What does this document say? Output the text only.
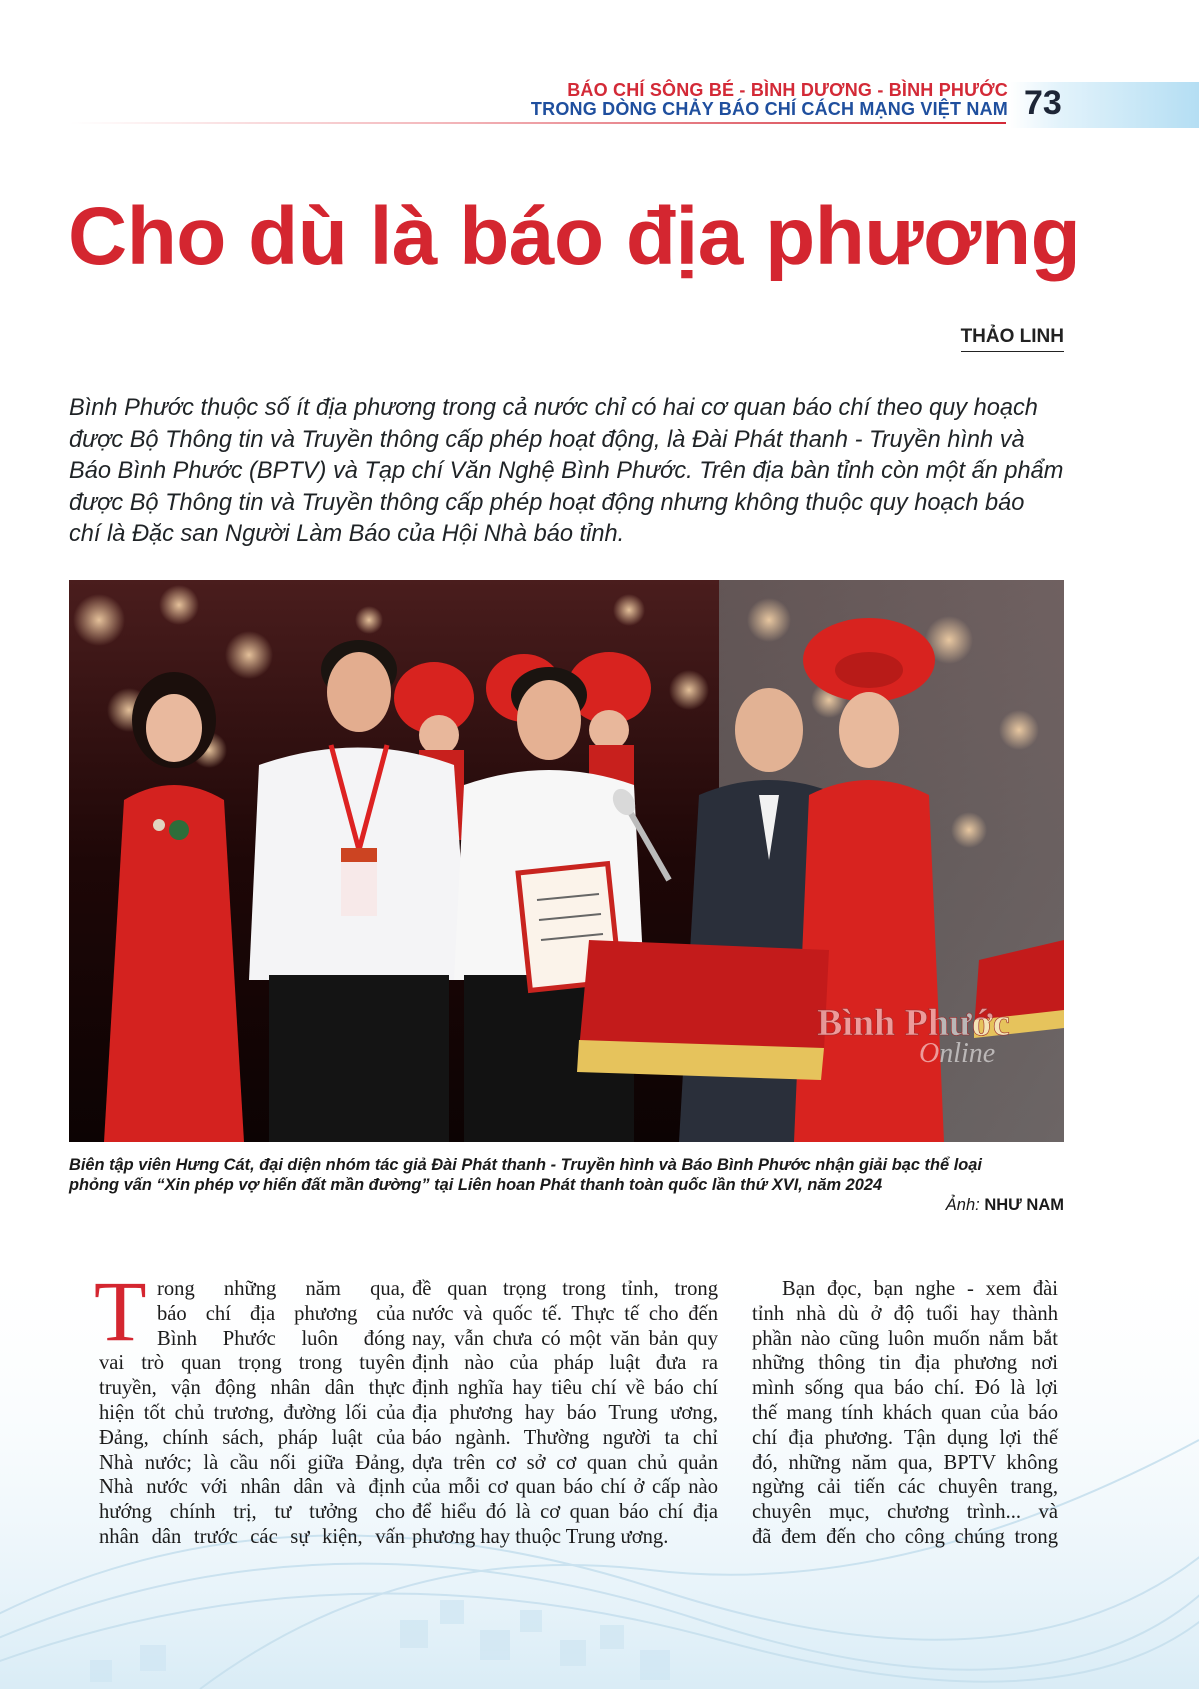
BÁO CHÍ SÔNG BÉ - BÌNH DƯƠNG - BÌNH PHƯỚC
TRONG DÒNG CHẢY BÁO CHÍ CÁCH MẠNG VIỆT NAM 73
Cho dù là báo địa phương
THẢO LINH
Bình Phước thuộc số ít địa phương trong cả nước chỉ có hai cơ quan báo chí theo quy hoạch
được Bộ Thông tin và Truyền thông cấp phép hoạt động, là Đài Phát thanh - Truyền hình và
Báo Bình Phước (BPTV) và Tạp chí Văn Nghệ Bình Phước. Trên địa bàn tỉnh còn một ấn phẩm
được Bộ Thông tin và Truyền thông cấp phép hoạt động nhưng không thuộc quy hoạch báo
chí là Đặc san Người Làm Báo của Hội Nhà báo tỉnh.
Bình Phước
Online
Biên tập viên Hưng Cát, đại diện nhóm tác giả Đài Phát thanh - Truyền hình và Báo Bình Phước nhận giải bạc thể loại
phỏng vấn “Xin phép vợ hiến đất mần đường” tại Liên hoan Phát thanh toàn quốc lần thứ XVI, năm 2024
Ảnh: NHƯ NAM
T rong những năm qua,
báo chí địa phương của
Bình Phước luôn đóng
vai trò quan trọng trong tuyên
truyền, vận động nhân dân thực
hiện tốt chủ trương, đường lối của
Đảng, chính sách, pháp luật của
Nhà nước; là cầu nối giữa Đảng,
Nhà nước với nhân dân và định
hướng chính trị, tư tưởng cho
nhân dân trước các sự kiện, vấn
đề quan trọng trong tỉnh, trong
nước và quốc tế. Thực tế cho đến
nay, vẫn chưa có một văn bản quy
định nào của pháp luật đưa ra
định nghĩa hay tiêu chí về báo chí
địa phương hay báo Trung ương,
báo ngành. Thường người ta chỉ
dựa trên cơ sở cơ quan chủ quản
của mỗi cơ quan báo chí ở cấp nào
để hiểu đó là cơ quan báo chí địa
phương hay thuộc Trung ương.
Bạn đọc, bạn nghe - xem đài
tỉnh nhà dù ở độ tuổi hay thành
phần nào cũng luôn muốn nắm bắt
những thông tin địa phương nơi
mình sống qua báo chí. Đó là lợi
thế mang tính khách quan của báo
chí địa phương. Tận dụng lợi thế
đó, những năm qua, BPTV không
ngừng cải tiến các chuyên trang,
chuyên mục, chương trình... và
đã đem đến cho công chúng trong
